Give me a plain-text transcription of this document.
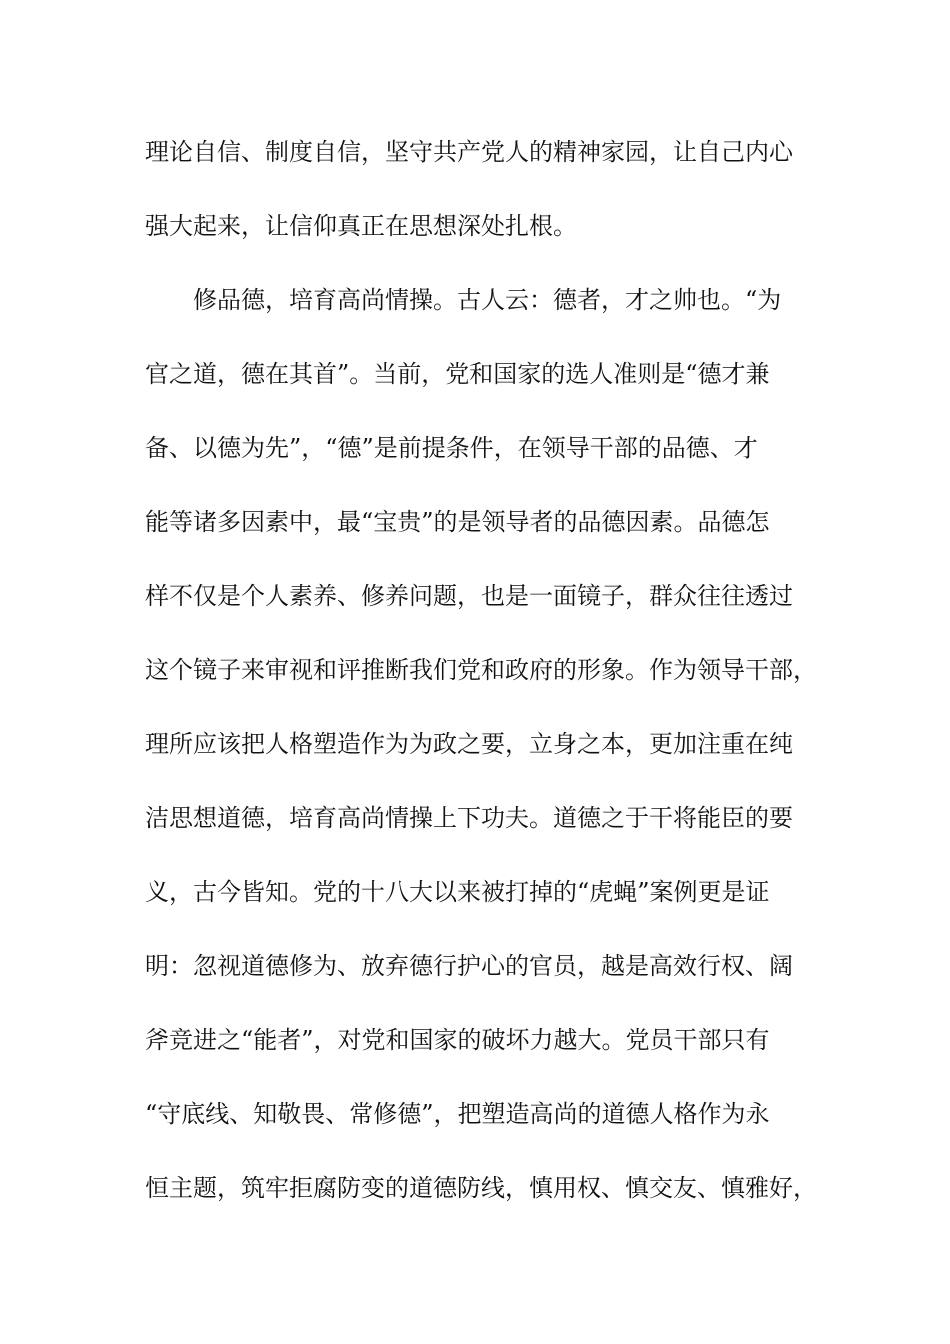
理论自信、制度自信，坚守共产党人的精神家园，让自己内心
强大起来，让信仰真正在思想深处扎根。
　　修品德，培育高尚情操。古人云：德者，才之帅也。“为
官之道，德在其首”。当前，党和国家的选人准则是“德才兼
备、以德为先”，“德”是前提条件，在领导干部的品德、才
能等诸多因素中，最“宝贵”的是领导者的品德因素。品德怎
样不仅是个人素养、修养问题，也是一面镜子，群众往往透过
这个镜子来审视和评推断我们党和政府的形象。作为领导干部，
理所应该把人格塑造作为为政之要，立身之本，更加注重在纯
洁思想道德，培育高尚情操上下功夫。道德之于干将能臣的要
义，古今皆知。党的十八大以来被打掉的“虎蝇”案例更是证
明：忽视道德修为、放弃德行护心的官员，越是高效行权、阔
斧竞进之“能者”，对党和国家的破坏力越大。党员干部只有
“守底线、知敬畏、常修德”，把塑造高尚的道德人格作为永
恒主题，筑牢拒腐防变的道德防线，慎用权、慎交友、慎雅好，
